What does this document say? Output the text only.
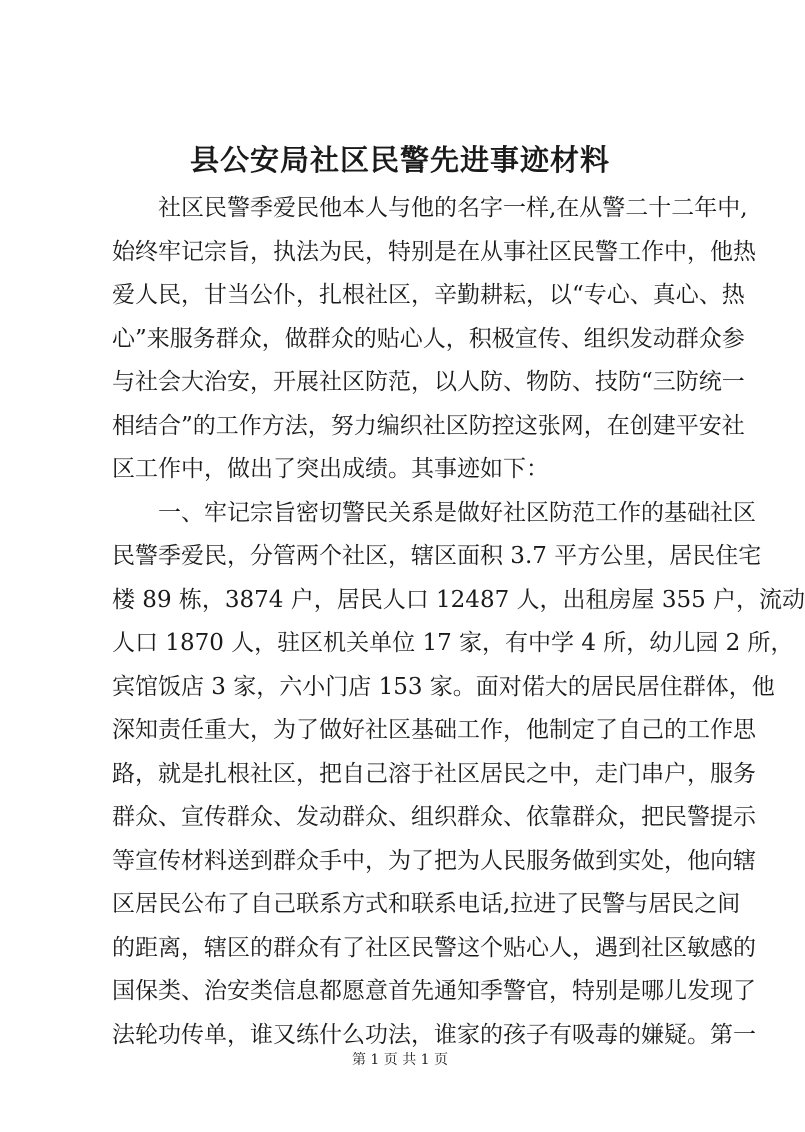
县公安局社区民警先进事迹材料
社区民警季爱民他本人与他的名字一样,在从警二十二年中,
始终牢记宗旨，执法为民，特别是在从事社区民警工作中，他热
爱人民，甘当公仆，扎根社区，辛勤耕耘，以“专心、真心、热
心”来服务群众，做群众的贴心人，积极宣传、组织发动群众参
与社会大治安，开展社区防范，以人防、物防、技防“三防统一
相结合”的工作方法，努力编织社区防控这张网，在创建平安社
区工作中，做出了突出成绩。其事迹如下：
一、牢记宗旨密切警民关系是做好社区防范工作的基础社区
民警季爱民，分管两个社区，辖区面积 3.7 平方公里，居民住宅
楼 89 栋，3874 户，居民人口 12487 人，出租房屋 355 户，流动
人口 1870 人，驻区机关单位 17 家，有中学 4 所，幼儿园 2 所，
宾馆饭店 3 家，六小门店 153 家。面对偌大的居民居住群体，他
深知责任重大，为了做好社区基础工作，他制定了自己的工作思
路，就是扎根社区，把自己溶于社区居民之中，走门串户，服务
群众、宣传群众、发动群众、组织群众、依靠群众，把民警提示
等宣传材料送到群众手中，为了把为人民服务做到实处，他向辖
区居民公布了自己联系方式和联系电话,拉进了民警与居民之间
的距离，辖区的群众有了社区民警这个贴心人，遇到社区敏感的
国保类、治安类信息都愿意首先通知季警官，特别是哪儿发现了
法轮功传单，谁又练什么功法，谁家的孩子有吸毒的嫌疑。第一
第 1 页 共 1 页
